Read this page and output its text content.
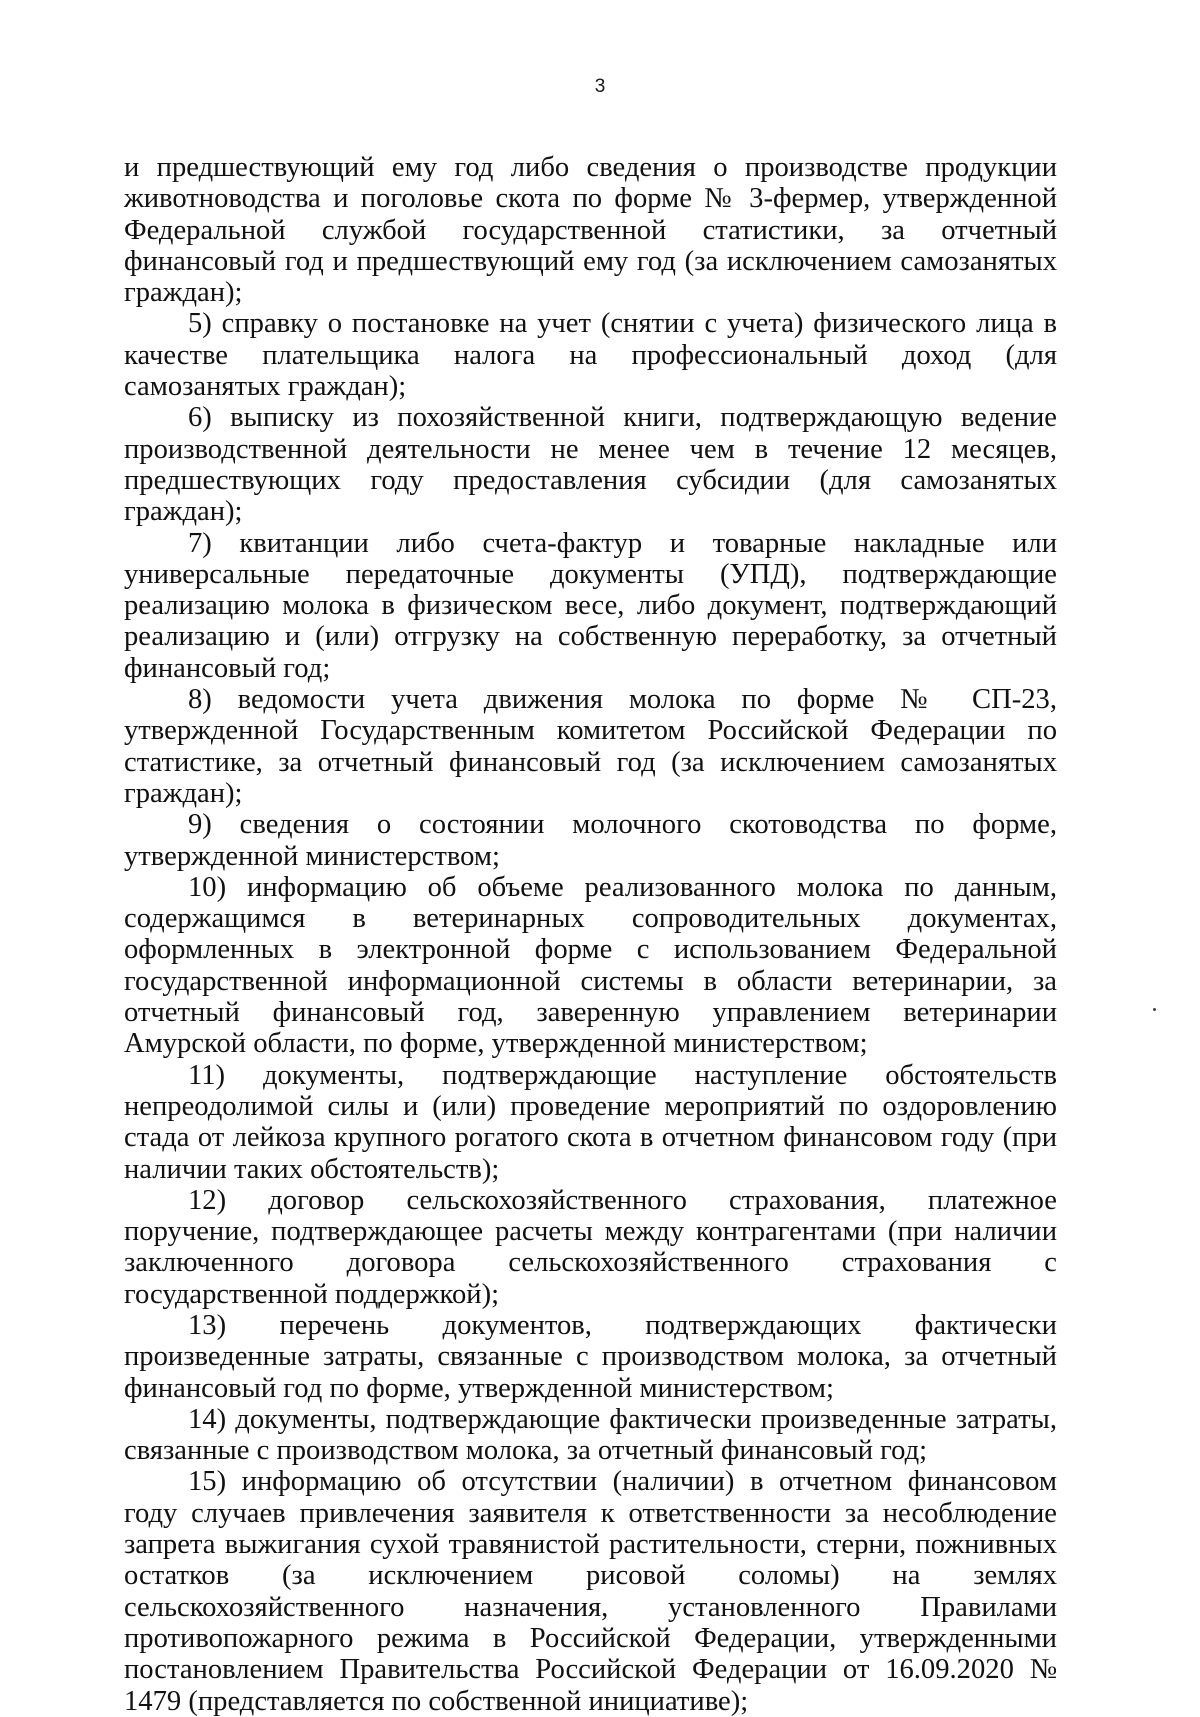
3

и предшествующий ему год либо сведения о производстве продукции животноводства и поголовье скота по форме № 3-фермер, утвержденной Федеральной службой государственной статистики, за отчетный финансовый год и предшествующий ему год (за исключением самозанятых граждан);

5) справку о постановке на учет (снятии с учета) физического лица в качестве плательщика налога на профессиональный доход (для самозанятых граждан);

6) выписку из похозяйственной книги, подтверждающую ведение производственной деятельности не менее чем в течение 12 месяцев, предшествующих году предоставления субсидии (для самозанятых граждан);

7) квитанции либо счета-фактур и товарные накладные или универсальные передаточные документы (УПД), подтверждающие реализацию молока в физическом весе, либо документ, подтверждающий реализацию и (или) отгрузку на собственную переработку, за отчетный финансовый год;

8) ведомости учета движения молока по форме № СП-23, утвержденной Государственным комитетом Российской Федерации по статистике, за отчетный финансовый год (за исключением самозанятых граждан);

9) сведения о состоянии молочного скотоводства по форме, утвержденной министерством;

10) информацию об объеме реализованного молока по данным, содержащимся в ветеринарных сопроводительных документах, оформленных в электронной форме с использованием Федеральной государственной информационной системы в области ветеринарии, за отчетный финансовый год, заверенную управлением ветеринарии Амурской области, по форме, утвержденной министерством;

11) документы, подтверждающие наступление обстоятельств непреодолимой силы и (или) проведение мероприятий по оздоровлению стада от лейкоза крупного рогатого скота в отчетном финансовом году (при наличии таких обстоятельств);

12) договор сельскохозяйственного страхования, платежное поручение, подтверждающее расчеты между контрагентами (при наличии заключенного договора сельскохозяйственного страхования с государственной поддержкой);

13) перечень документов, подтверждающих фактически произведенные затраты, связанные с производством молока, за отчетный финансовый год по форме, утвержденной министерством;

14) документы, подтверждающие фактически произведенные затраты, связанные с производством молока, за отчетный финансовый год;

15) информацию об отсутствии (наличии) в отчетном финансовом году случаев привлечения заявителя к ответственности за несоблюдение запрета выжигания сухой травянистой растительности, стерни, пожнивных остатков (за исключением рисовой соломы) на землях сельскохозяйственного назначения, установленного Правилами противопожарного режима в Российской Федерации, утвержденными постановлением Правительства Российской Федерации от 16.09.2020 № 1479 (представляется по собственной инициативе);
